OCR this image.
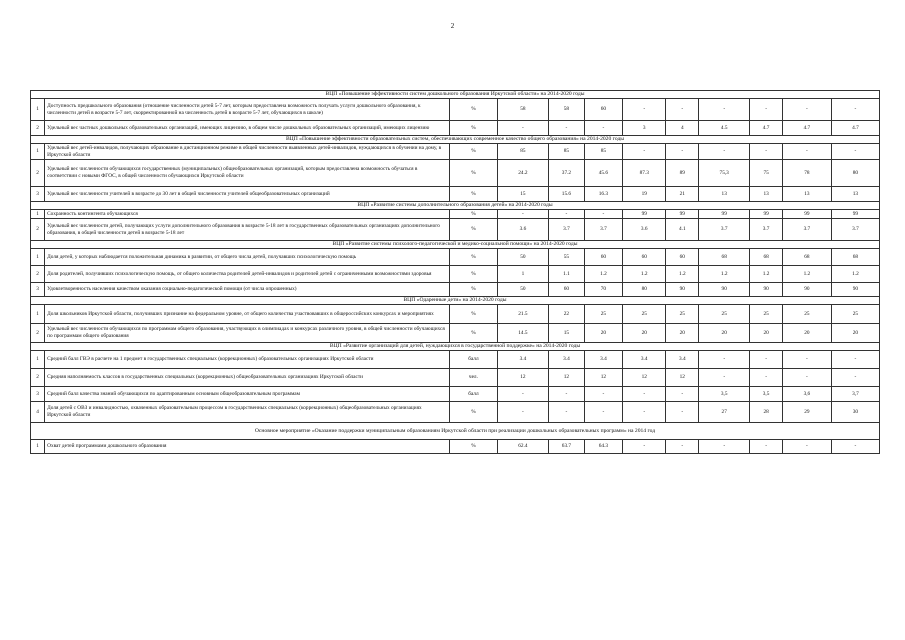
2
ВЦП «Повышение эффективности систем дошкольного образования Иркутской области» на 2014-2020 годы											
1	Доступность предшкольного образования (отношение численности детей 5-7 лет, которым предоставлена возможность получать услуги дошкольного образования, к численности детей в возрасте 5-7 лет, скорректированной на численность детей в возрасте 5-7 лет, обучающихся в школе)	%	58	58	60	-	-	-	-	-	-
2	Удельный вес частных дошкольных образовательных организаций, имеющих лицензию, в общем числе дошкольных образовательных организаций, имеющих лицензию	%	-	-	-	3	4	4.5	4.7	4.7	4.7
ВЦП «Повышение эффективности образовательных систем, обеспечивающих современное качество общего образования» на 2014-2020 годы											
1	Удельный вес детей-инвалидов, получающих образование в дистанционном режиме в общей численности выявленных детей-инвалидов, нуждающихся в обучении на дому, в Иркутской области	%	85	85	85	-	-	-	-	-	-
2	Удельный вес численности обучающихся государственных (муниципальных) общеобразовательных организаций, которым предоставлена возможность обучаться в соответствии с новыми ФГОС, в общей численности обучающихся Иркутской области	%	24.2	37.2	45.6	87.3	89	75,3	75	78	80
3	Удельный вес численности учителей в возрасте до 30 лет в общей численности учителей общеобразовательных организаций	%	15	15.6	16.3	19	21	13	13	13	13
ВЦП «Развитие системы дополнительного образования детей» на 2014-2020 годы											
1	Сохранность контингента обучающихся	%	-	-	-	99	99	99	99	99	99
2	Удельный вес численности детей, получающих услуги дополнительного образования в возрасте 5-18 лет в государственных образовательных организациях дополнительного образования, в общей численности детей в возрасте 5-18 лет	%	3.6	3.7	3.7	3.6	4.1	3.7	3.7	3.7	3.7
ВЦП «Развитие системы психолого-педагогической и медико-социальной помощи» на 2014-2020 годы											
1	Доля детей, у которых наблюдается положительная динамика в развитии, от общего числа детей, получавших психологическую помощь	%	50	55	60	60	60	68	68	68	68
2	Доля родителей, получивших психологическую помощь, от общего количества родителей детей-инвалидов и родителей детей с ограниченными возможностями здоровья	%	1	1.1	1.2	1.2	1.2	1.2	1.2	1.2	1.2
3	Удовлетворенность населения качеством оказания социально-педагогической помощи (от числа опрошенных)	%	50	60	70	80	90	90	90	90	90
ВЦП «Одаренные дети» на 2014-2020 годы											
1	Доля школьников Иркутской области, получивших признание на федеральном уровне, от общего количества участвовавших в общероссийских конкурсах и мероприятиях	%	21.5	22	25	25	25	25	25	25	25
2	Удельный вес численности обучающихся по программам общего образования, участвующих в олимпиадах и конкурсах различного уровня, в общей численности обучающихся по программам общего образования	%	14.5	15	20	20	20	20	20	20	20
ВЦП «Развитие организаций для детей, нуждающихся в государственной поддержке» на 2014-2020 годы											
1	Средний балл ГВЭ в расчете на 1 предмет в государственных специальных (коррекционных) образовательных организациях Иркутской области	балл	3.4	3.4	3.4	3.4	3.4	-	-	-	-
2	Средняя наполняемость классов в государственных специальных (коррекционных) общеобразовательных организациях Иркутской области	чел.	12	12	12	12	12	-	-	-	-
3	Средний балл качества знаний обучающихся по адаптированным основным общеобразовательным программам	балл	-	-	-	-	-	3,5	3,5	3,6	3,7
4	Доля детей с ОВЗ и инвалидностью, охваченных образовательным процессом в государственных специальных (коррекционных) общеобразовательных организациях Иркутской области	%	-	-	-	-	-	27	28	29	30
Основное мероприятие «Оказание поддержки муниципальным образованиям Иркутской области при реализации дошкольных образовательных программ» на 2014 год											
1	Охват детей программами дошкольного образования	%	62.4	63.7	64.3	-	-	-	-	-	-
